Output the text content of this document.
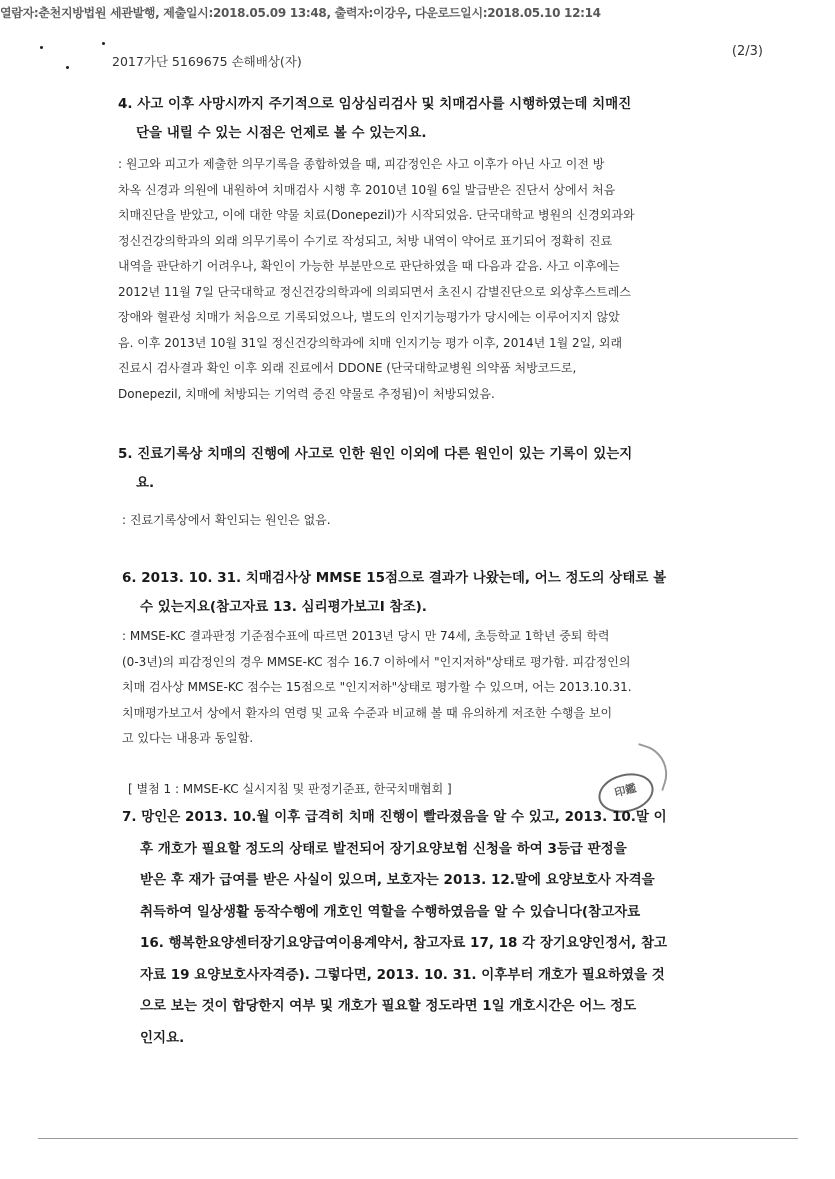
열람자:춘천지방법원 세관발행, 제출일시:2018.05.09 13:48, 출력자:이강우, 다운로드일시:2018.05.10 12:14
2017가단 5169675 손해배상(자)
(2/3)
4. 사고 이후 사망시까지 주기적으로 임상심리검사 및 치매검사를 시행하였는데 치매진
단을 내릴 수 있는 시점은 언제로 볼 수 있는지요.
: 원고와 피고가 제출한 의무기록을 종합하였을 때, 피감정인은 사고 이후가 아닌 사고 이전 방
차옥 신경과 의원에 내원하여 치매검사 시행 후 2010년 10월 6일 발급받은 진단서 상에서 처음
치매진단을 받았고, 이에 대한 약물 치료(Donepezil)가 시작되었음. 단국대학교 병원의 신경외과와
정신건강의학과의 외래 의무기록이 수기로 작성되고, 처방 내역이 약어로 표기되어 정확히 진료
내역을 판단하기 어려우나, 확인이 가능한 부분만으로 판단하였을 때 다음과 같음. 사고 이후에는
2012년 11월 7일 단국대학교 정신건강의학과에 의뢰되면서 초진시 감별진단으로 외상후스트레스
장애와 혈관성 치매가 처음으로 기록되었으나, 별도의 인지기능평가가 당시에는 이루어지지 않았
음. 이후 2013년 10월 31일 정신건강의학과에 치매 인지기능 평가 이후, 2014년 1월 2일, 외래
진료시 검사결과 확인 이후 외래 진료에서 DDONE (단국대학교병원 의약품 처방코드로,
Donepezil, 치매에 처방되는 기억력 증진 약물로 추정됨)이 처방되었음.
5. 진료기록상 치매의 진행에 사고로 인한 원인 이외에 다른 원인이 있는 기록이 있는지
요.
: 진료기록상에서 확인되는 원인은 없음.
6. 2013. 10. 31. 치매검사상 MMSE 15점으로 결과가 나왔는데, 어느 정도의 상태로 볼
수 있는지요(참고자료 13. 심리평가보고Ⅰ 참조).
: MMSE-KC 결과판정 기준점수표에 따르면 2013년 당시 만 74세, 초등학교 1학년 중퇴 학력
(0-3년)의 피감정인의 경우 MMSE-KC 점수 16.7 이하에서 "인지저하"상태로 평가함. 피감정인의
치매 검사상 MMSE-KC 점수는 15점으로 "인지저하"상태로 평가할 수 있으며, 어는 2013.10.31.
치매평가보고서 상에서 환자의 연령 및 교육 수준과 비교해 볼 때 유의하게 저조한 수행을 보이
고 있다는 내용과 동일함.
[ 별첨 1 : MMSE-KC 실시지침 및 판정기준표, 한국치매협회 ]	印鑑
7. 망인은 2013. 10.월 이후 급격히 치매 진행이 빨라졌음을 알 수 있고, 2013. 10.말 이
후 개호가 필요할 정도의 상태로 발전되어 장기요양보험 신청을 하여 3등급 판정을
받은 후 재가 급여를 받은 사실이 있으며, 보호자는 2013. 12.말에 요양보호사 자격을
취득하여 일상생활 동작수행에 개호인 역할을 수행하였음을 알 수 있습니다(참고자료
16. 행복한요양센터장기요양급여이용계약서, 참고자료 17, 18 각 장기요양인정서, 참고
자료 19 요양보호사자격증). 그렇다면, 2013. 10. 31. 이후부터 개호가 필요하였을 것
으로 보는 것이 합당한지 여부 및 개호가 필요할 정도라면 1일 개호시간은 어느 정도
인지요.
